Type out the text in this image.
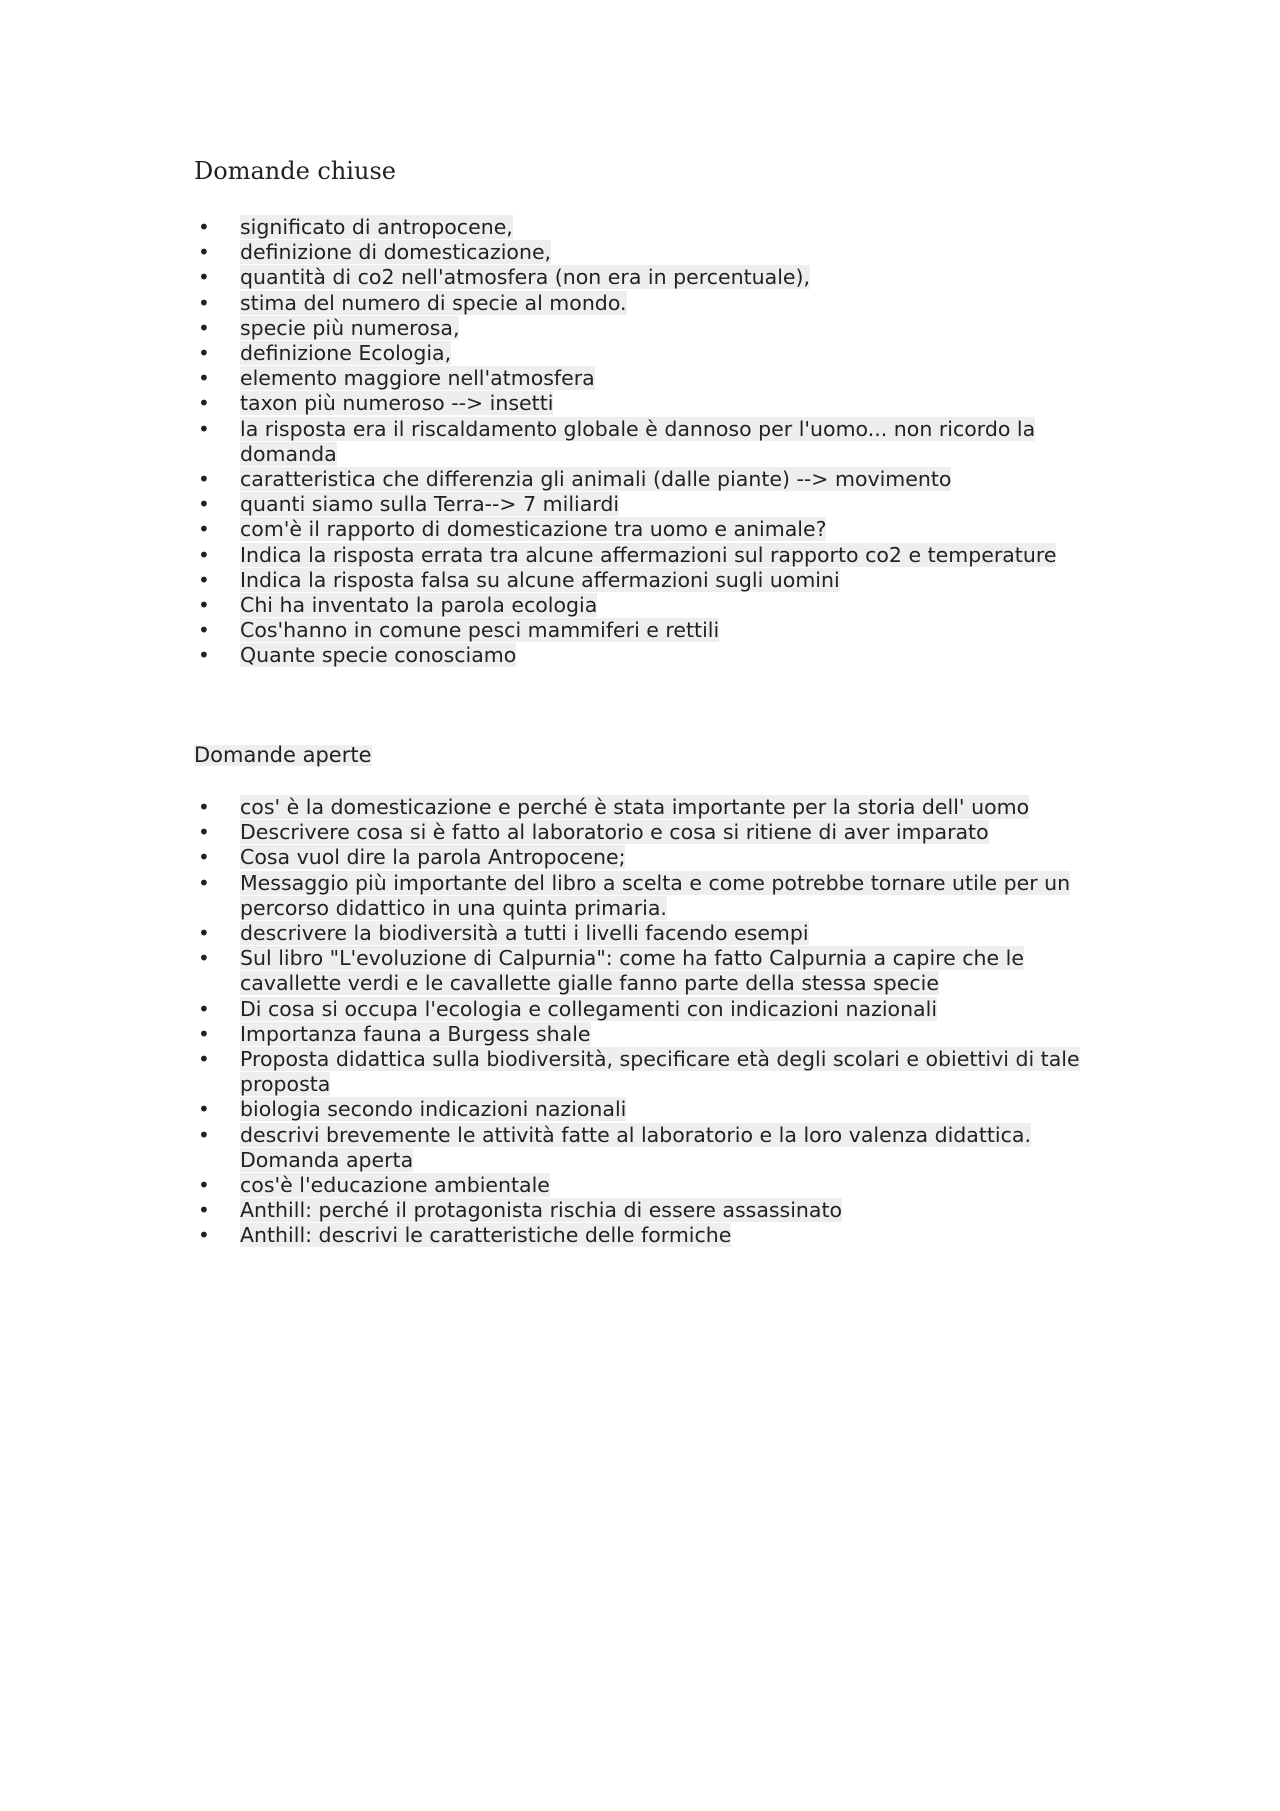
Domande chiuse
• significato di antropocene,
• definizione di domesticazione,
• quantità di co2 nell'atmosfera (non era in percentuale),
• stima del numero di specie al mondo.
• specie più numerosa,
• definizione Ecologia,
• elemento maggiore nell'atmosfera
• taxon più numeroso --> insetti
• la risposta era il riscaldamento globale è dannoso per l'uomo... non ricordo la domanda
• caratteristica che differenzia gli animali (dalle piante) --> movimento
• quanti siamo sulla Terra--> 7 miliardi
• com'è il rapporto di domesticazione tra uomo e animale?
• Indica la risposta errata tra alcune affermazioni sul rapporto co2 e temperature
• Indica la risposta falsa su alcune affermazioni sugli uomini
• Chi ha inventato la parola ecologia
• Cos'hanno in comune pesci mammiferi e rettili
• Quante specie conosciamo
Domande aperte
• cos' è la domesticazione e perché è stata importante per la storia dell' uomo
• Descrivere cosa si è fatto al laboratorio e cosa si ritiene di aver imparato
• Cosa vuol dire la parola Antropocene;
• Messaggio più importante del libro a scelta e come potrebbe tornare utile per un percorso didattico in una quinta primaria.
• descrivere la biodiversità a tutti i livelli facendo esempi
• Sul libro "L'evoluzione di Calpurnia": come ha fatto Calpurnia a capire che le cavallette verdi e le cavallette gialle fanno parte della stessa specie
• Di cosa si occupa l'ecologia e collegamenti con indicazioni nazionali
• Importanza fauna a Burgess shale
• Proposta didattica sulla biodiversità, specificare età degli scolari e obiettivi di tale proposta
• biologia secondo indicazioni nazionali
• descrivi brevemente le attività fatte al laboratorio e la loro valenza didattica. Domanda aperta
• cos'è l'educazione ambientale
• Anthill: perché il protagonista rischia di essere assassinato
• Anthill: descrivi le caratteristiche delle formiche
